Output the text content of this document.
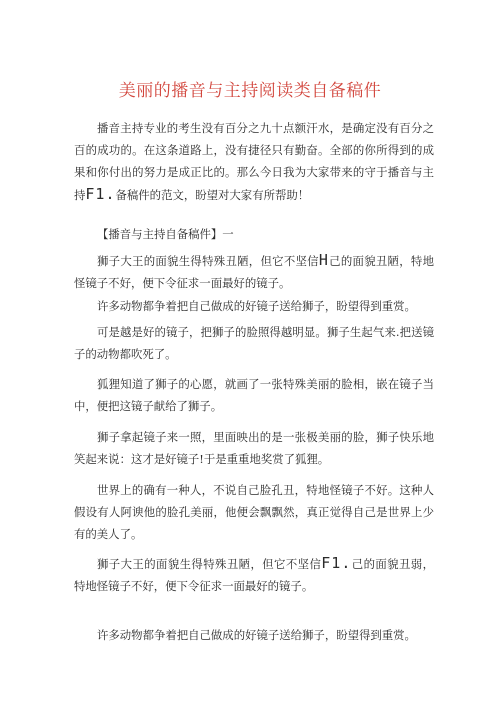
美丽的播音与主持阅读类自备稿件

播音主持专业的考生没有百分之九十点额汗水，是确定没有百分之百的成功的。在这条道路上，没有捷径只有勤奋。全部的你所得到的成果和你付出的努力是成正比的。那么今日我为大家带来的守于播音与主持F1.备稿件的范文，盼望对大家有所帮助！

【播音与主持自备稿件】一

狮子大王的面貌生得特殊丑陋，但它不坚信H己的面貌丑陋，特地怪镜子不好，便下令征求一面最好的镜子。

许多动物都争着把自己做成的好镜子送给狮子，盼望得到重赏。

可是越是好的镜子，把狮子的脸照得越明显。狮子生起气来.把送镜子的动物都吹死了。

狐狸知道了狮子的心愿，就画了一张特殊美丽的脸相，嵌在镜子当中，便把这镜子献给了狮子。

狮子拿起镜子来一照，里面映出的是一张极美丽的脸，狮子快乐地笑起来说：这才是好镜子!于是重重地奖赏了狐狸。

世界上的确有一种人，不说自己脸孔丑，特地怪镜子不好。这种人假设有人阿谀他的脸孔美丽，他便会飘飘然，真正觉得自己是世界上少有的美人了。

狮子大王的面貌生得特殊丑陋，但它不坚信F1.己的面貌丑弱，特地怪镜子不好，便下令征求一面最好的镜子。

许多动物都争着把自己做成的好镜子送给狮子，盼望得到重赏。
